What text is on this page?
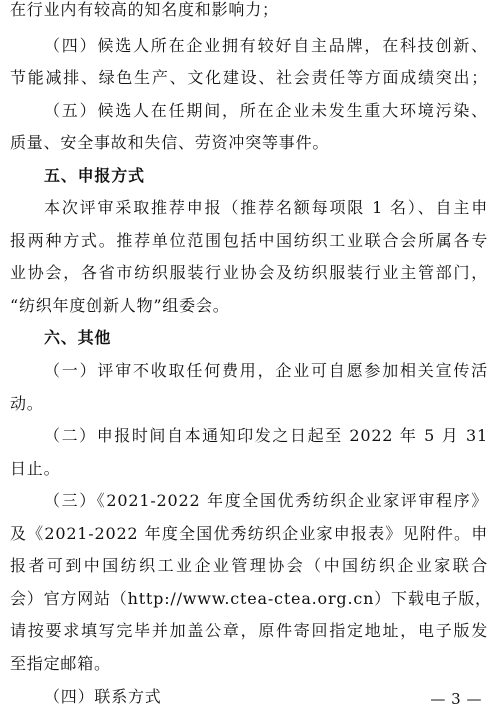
在行业内有较高的知名度和影响力；
（四）候选人所在企业拥有较好自主品牌，在科技创新、
节能减排、绿色生产、文化建设、社会责任等方面成绩突出；
（五）候选人在任期间，所在企业未发生重大环境污染、
质量、安全事故和失信、劳资冲突等事件。
五、申报方式
本次评审采取推荐申报（推荐名额每项限 1 名）、自主申
报两种方式。推荐单位范围包括中国纺织工业联合会所属各专
业协会，各省市纺织服装行业协会及纺织服装行业主管部门，
“纺织年度创新人物”组委会。
六、其他
（一）评审不收取任何费用，企业可自愿参加相关宣传活
动。
（二）申报时间自本通知印发之日起至 2022 年 5 月 31
日止。
（三）《2021-2022 年度全国优秀纺织企业家评审程序》
及《2021-2022 年度全国优秀纺织企业家申报表》见附件。申
报者可到中国纺织工业企业管理协会（中国纺织企业家联合
会）官方网站（http://www.ctea-ctea.org.cn）下载电子版，
请按要求填写完毕并加盖公章，原件寄回指定地址，电子版发
至指定邮箱。
（四）联系方式	— 3 —
